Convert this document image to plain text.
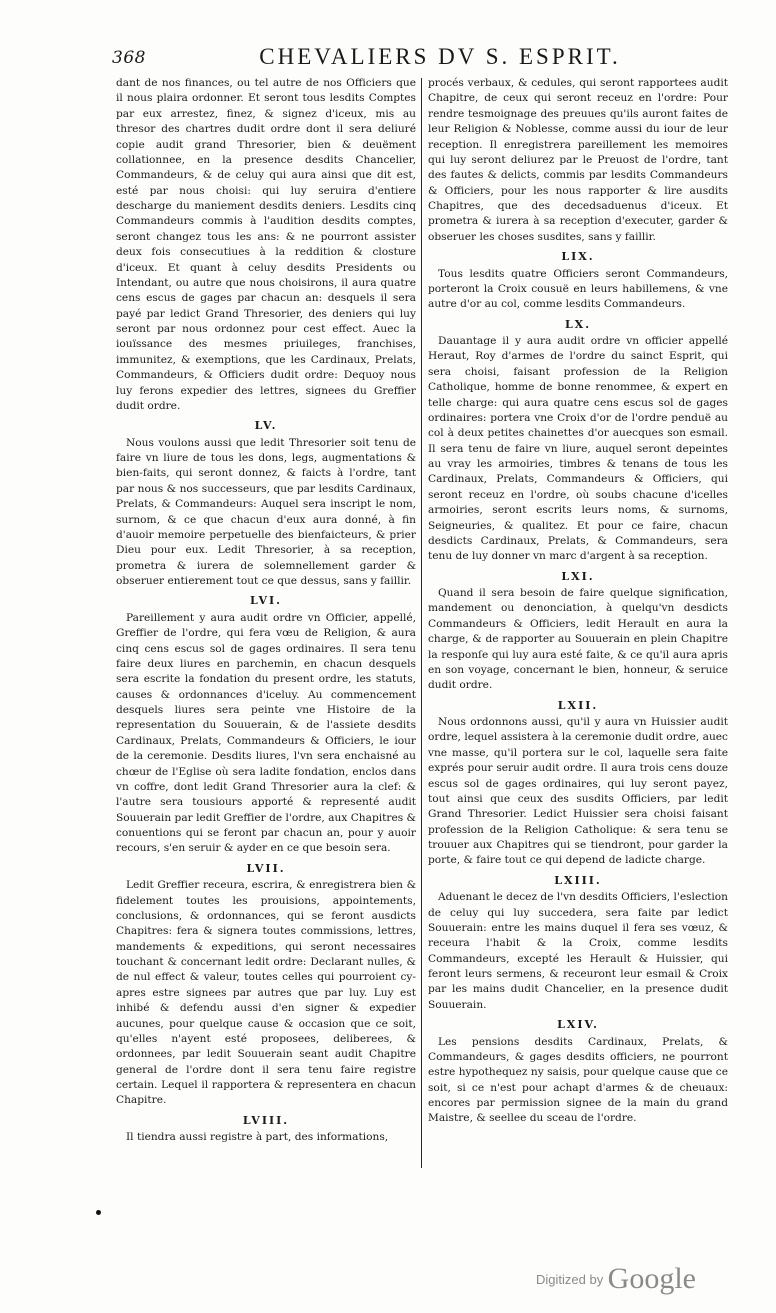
368	CHEVALIERS DV S. ESPRIT.

dant de nos finances, ou tel autre de nos Officiers que il nous plaira ordonner. Et seront tous lesdits Comptes par eux arrestez, finez, & signez d'iceux, mis au thresor des chartres dudit ordre dont il sera deliuré copie audit grand Thresorier, bien & deuëment collationnee, en la presence desdits Chancelier, Commandeurs, & de celuy qui aura ainsi que dit est, esté par nous choisi: qui luy seruira d'entiere descharge du maniement desdits deniers. Lesdits cinq Commandeurs commis à l'audition desdits comptes, seront changez tous les ans: & ne pourront assister deux fois consecutiues à la reddition & closture d'iceux. Et quant à celuy desdits Presidents ou Intendant, ou autre que nous choisirons, il aura quatre cens escus de gages par chacun an: desquels il sera payé par ledict Grand Thresorier, des deniers qui luy seront par nous ordonnez pour cest effect. Auec la iouïssance des mesmes priuileges, franchises, immunitez, & exemptions, que les Cardinaux, Prelats, Commandeurs, & Officiers dudit ordre: Dequoy nous luy ferons expedier des lettres, signees du Greffier dudit ordre.

LV.

Nous voulons aussi que ledit Thresorier soit tenu de faire vn liure de tous les dons, legs, augmentations & bien-faits, qui seront donnez, & faicts à l'ordre, tant par nous & nos successeurs, que par lesdits Cardinaux, Prelats, & Commandeurs: Auquel sera inscript le nom, surnom, & ce que chacun d'eux aura donné, à fin d'auoir memoire perpetuelle des bienfaicteurs, & prier Dieu pour eux. Ledit Thresorier, à sa reception, prometra & iurera de solemnellement garder & obseruer entierement tout ce que dessus, sans y faillir.

LVI.

Pareillement y aura audit ordre vn Officier, appellé, Greffier de l'ordre, qui fera vœu de Religion, & aura cinq cens escus sol de gages ordinaires. Il sera tenu faire deux liures en parchemin, en chacun desquels sera escrite la fondation du present ordre, les statuts, causes & ordonnances d'iceluy. Au commencement desquels liures sera peinte vne Histoire de la representation du Souuerain, & de l'assiete desdits Cardinaux, Prelats, Commandeurs & Officiers, le iour de la ceremonie. Desdits liures, l'vn sera enchaisné au chœur de l'Eglise où sera ladite fondation, enclos dans vn coffre, dont ledit Grand Thresorier aura la clef: & l'autre sera tousiours apporté & representé audit Souuerain par ledit Greffier de l'ordre, aux Chapitres & conuentions qui se feront par chacun an, pour y auoir recours, s'en seruir & ayder en ce que besoin sera.

LVII.

Ledit Greffier receura, escrira, & enregistrera bien & fidelement toutes les prouisions, appointements, conclusions, & ordonnances, qui se feront ausdicts Chapitres: fera & signera toutes commissions, lettres, mandements & expeditions, qui seront necessaires touchant & concernant ledit ordre: Declarant nulles, & de nul effect & valeur, toutes celles qui pourroient cy-apres estre signees par autres que par luy. Luy est inhibé & defendu aussi d'en signer & expedier aucunes, pour quelque cause & occasion que ce soit, qu'elles n'ayent esté proposees, deliberees, & ordonnees, par ledit Souuerain seant audit Chapitre general de l'ordre dont il sera tenu faire registre certain. Lequel il rapportera & representera en chacun Chapitre.

LVIII.

Il tiendra aussi registre à part, des informations,

procés verbaux, & cedules, qui seront rapportees audit Chapitre, de ceux qui seront receuz en l'ordre: Pour rendre tesmoignage des preuues qu'ils auront faites de leur Religion & Noblesse, comme aussi du iour de leur reception. Il enregistrera pareillement les memoires qui luy seront deliurez par le Preuost de l'ordre, tant des fautes & delicts, commis par lesdits Commandeurs & Officiers, pour les nous rapporter & lire ausdits Chapitres, que des decedsaduenus d'iceux. Et prometra & iurera à sa reception d'executer, garder & obseruer les choses susdites, sans y faillir.

LIX.

Tous lesdits quatre Officiers seront Commandeurs, porteront la Croix cousuë en leurs habillemens, & vne autre d'or au col, comme lesdits Commandeurs.

LX.

Dauantage il y aura audit ordre vn officier appellé Heraut, Roy d'armes de l'ordre du sainct Esprit, qui sera choisi, faisant profession de la Religion Catholique, homme de bonne renommee, & expert en telle charge: qui aura quatre cens escus sol de gages ordinaires: portera vne Croix d'or de l'ordre penduë au col à deux petites chainettes d'or auecques son esmail. Il sera tenu de faire vn liure, auquel seront depeintes au vray les armoiries, timbres & tenans de tous les Cardinaux, Prelats, Commandeurs & Officiers, qui seront receuz en l'ordre, où soubs chacune d'icelles armoiries, seront escrits leurs noms, & surnoms, Seigneuries, & qualitez. Et pour ce faire, chacun desdicts Cardinaux, Prelats, & Commandeurs, sera tenu de luy donner vn marc d'argent à sa reception.

LXI.

Quand il sera besoin de faire quelque signification, mandement ou denonciation, à quelqu'vn desdicts Commandeurs & Officiers, ledit Herault en aura la charge, & de rapporter au Souuerain en plein Chapitre la responſe qui luy aura esté faite, & ce qu'il aura apris en son voyage, concernant le bien, honneur, & seruice dudit ordre.

LXII.

Nous ordonnons aussi, qu'il y aura vn Huissier audit ordre, lequel assistera à la ceremonie dudit ordre, auec vne masse, qu'il portera sur le col, laquelle sera faite exprés pour seruir audit ordre. Il aura trois cens douze escus sol de gages ordinaires, qui luy seront payez, tout ainsi que ceux des susdits Officiers, par ledit Grand Thresorier. Ledict Huissier sera choisi faisant profession de la Religion Catholique: & sera tenu se trouuer aux Chapitres qui se tiendront, pour garder la porte, & faire tout ce qui depend de ladicte charge.

LXIII.

Aduenant le decez de l'vn desdits Officiers, l'eslection de celuy qui luy succedera, sera faite par ledict Souuerain: entre les mains duquel il fera ses vœuz, & receura l'habit & la Croix, comme lesdits Commandeurs, excepté les Herault & Huissier, qui feront leurs sermens, & receuront leur esmail & Croix par les mains dudit Chancelier, en la presence dudit Souuerain.

LXIV.

Les pensions desdits Cardinaux, Prelats, & Commandeurs, & gages desdits officiers, ne pourront estre hypothequez ny saisis, pour quelque cause que ce soit, si ce n'est pour achapt d'armes & de cheuaux: encores par permission signee de la main du grand Maistre, & seellee du sceau de l'ordre.

$^{Digitized by}$ Google
